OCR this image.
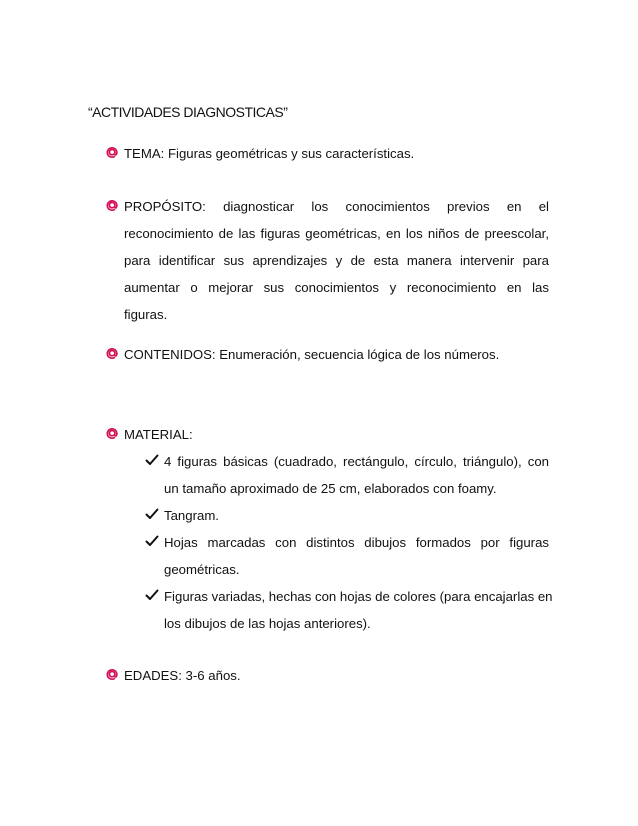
“ACTIVIDADES DIAGNOSTICAS”
TEMA: Figuras geométricas y sus características.
PROPÓSITO: diagnosticar los conocimientos previos en el
reconocimiento de las figuras geométricas, en los niños de preescolar,
para identificar sus aprendizajes y de esta manera intervenir para
aumentar o mejorar sus conocimientos y reconocimiento en las
figuras.
CONTENIDOS: Enumeración, secuencia lógica de los números.
MATERIAL:
4 figuras básicas (cuadrado, rectángulo, círculo, triángulo), con
un tamaño aproximado de 25 cm, elaborados con foamy.
Tangram.
Hojas marcadas con distintos dibujos formados por figuras
geométricas.
Figuras variadas, hechas con hojas de colores (para encajarlas en
los dibujos de las hojas anteriores).
EDADES: 3-6 años.
